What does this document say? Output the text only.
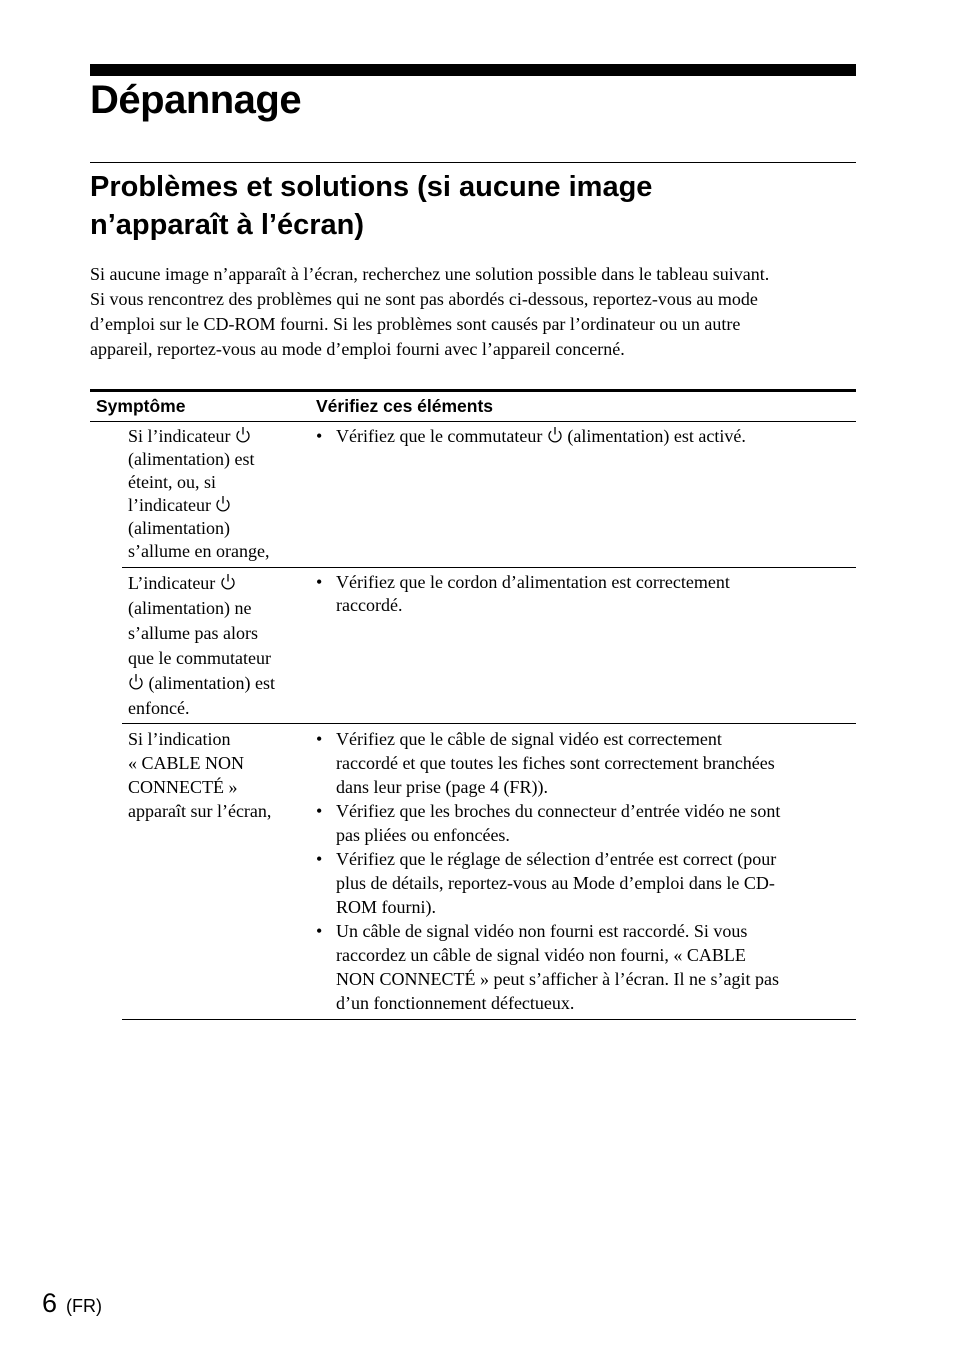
Dépannage
Problèmes et solutions (si aucune image
n’apparaît à l’écran)

Si aucune image n’apparaît à l’écran, recherchez une solution possible dans le tableau suivant.
Si vous rencontrez des problèmes qui ne sont pas abordés ci-dessous, reportez-vous au mode
d’emploi sur le CD-ROM fourni. Si les problèmes sont causés par l’ordinateur ou un autre
appareil, reportez-vous au mode d’emploi fourni avec l’appareil concerné.

Symptôme	Vérifiez ces éléments
Si l’indicateur
(alimentation) est
éteint, ou, si
l’indicateur
(alimentation)
s’allume en orange,
• Vérifiez que le commutateur (alimentation) est activé.
L’indicateur
(alimentation) ne
s’allume pas alors
que le commutateur
(alimentation) est
enfoncé.
• Vérifiez que le cordon d’alimentation est correctement
raccordé.
Si l’indication
« CABLE NON
CONNECTÉ »
apparaît sur l’écran,
• Vérifiez que le câble de signal vidéo est correctement
raccordé et que toutes les fiches sont correctement branchées
dans leur prise (page 4 (FR)).
• Vérifiez que les broches du connecteur d’entrée vidéo ne sont
pas pliées ou enfoncées.
• Vérifiez que le réglage de sélection d’entrée est correct (pour
plus de détails, reportez-vous au Mode d’emploi dans le CD-
ROM fourni).
• Un câble de signal vidéo non fourni est raccordé. Si vous
raccordez un câble de signal vidéo non fourni, « CABLE
NON CONNECTÉ » peut s’afficher à l’écran. Il ne s’agit pas
d’un fonctionnement défectueux.
6 (FR)
